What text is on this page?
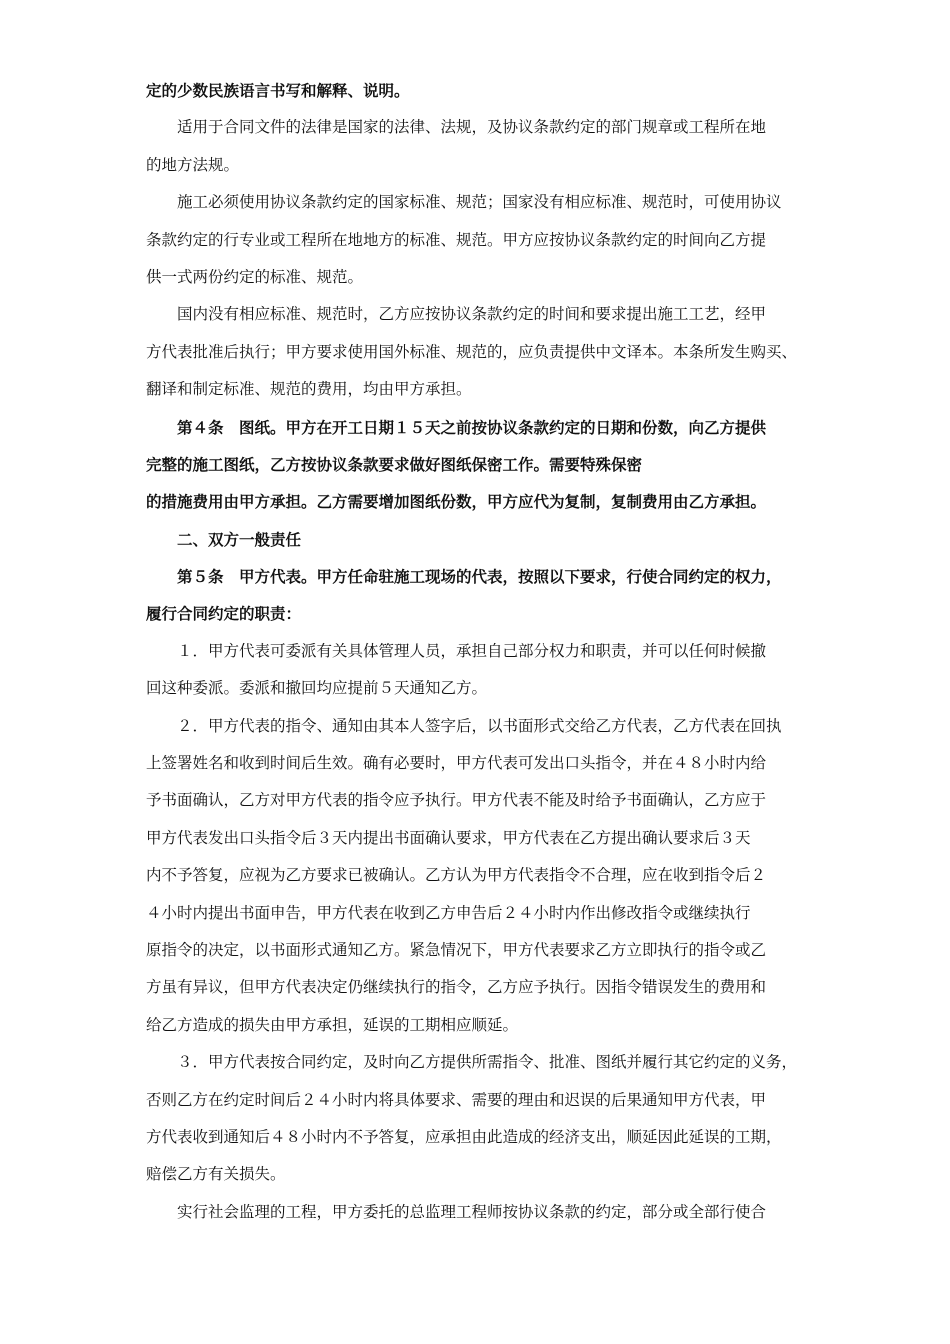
定的少数民族语言书写和解释、说明。
适用于合同文件的法律是国家的法律、法规，及协议条款约定的部门规章或工程所在地
的地方法规。
施工必须使用协议条款约定的国家标准、规范；国家没有相应标准、规范时，可使用协议
条款约定的行专业或工程所在地地方的标准、规范。甲方应按协议条款约定的时间向乙方提
供一式两份约定的标准、规范。
国内没有相应标准、规范时，乙方应按协议条款约定的时间和要求提出施工工艺，经甲
方代表批准后执行；甲方要求使用国外标准、规范的，应负责提供中文译本。本条所发生购买、
翻译和制定标准、规范的费用，均由甲方承担。
第４条　图纸。甲方在开工日期１５天之前按协议条款约定的日期和份数，向乙方提供
完整的施工图纸，乙方按协议条款要求做好图纸保密工作。需要特殊保密
的措施费用由甲方承担。乙方需要增加图纸份数，甲方应代为复制，复制费用由乙方承担。
二、双方一般责任
第５条　甲方代表。甲方任命驻施工现场的代表，按照以下要求，行使合同约定的权力，
履行合同约定的职责：
１．甲方代表可委派有关具体管理人员，承担自己部分权力和职责，并可以任何时候撤
回这种委派。委派和撤回均应提前５天通知乙方。
２．甲方代表的指令、通知由其本人签字后，以书面形式交给乙方代表，乙方代表在回执
上签署姓名和收到时间后生效。确有必要时，甲方代表可发出口头指令，并在４８小时内给
予书面确认，乙方对甲方代表的指令应予执行。甲方代表不能及时给予书面确认，乙方应于
甲方代表发出口头指令后３天内提出书面确认要求，甲方代表在乙方提出确认要求后３天
内不予答复，应视为乙方要求已被确认。乙方认为甲方代表指令不合理，应在收到指令后２
４小时内提出书面申告，甲方代表在收到乙方申告后２４小时内作出修改指令或继续执行
原指令的决定，以书面形式通知乙方。紧急情况下，甲方代表要求乙方立即执行的指令或乙
方虽有异议，但甲方代表决定仍继续执行的指令，乙方应予执行。因指令错误发生的费用和
给乙方造成的损失由甲方承担，延误的工期相应顺延。
３．甲方代表按合同约定，及时向乙方提供所需指令、批准、图纸并履行其它约定的义务，
否则乙方在约定时间后２４小时内将具体要求、需要的理由和迟误的后果通知甲方代表，甲
方代表收到通知后４８小时内不予答复，应承担由此造成的经济支出，顺延因此延误的工期，
赔偿乙方有关损失。
实行社会监理的工程，甲方委托的总监理工程师按协议条款的约定，部分或全部行使合
